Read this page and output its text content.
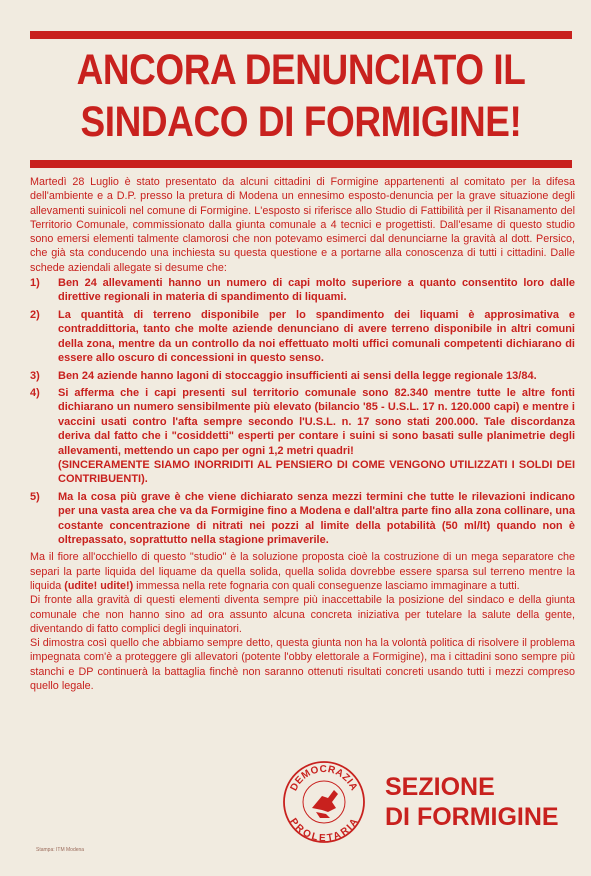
ANCORA DENUNCIATO IL
SINDACO DI FORMIGINE!

Martedì 28 Luglio è stato presentato da alcuni cittadini di Formigine appartenenti al comitato per la difesa dell'ambiente e a D.P. presso la pretura di Modena un ennesimo esposto-denuncia per la grave situazione degli allevamenti suinicoli nel comune di Formigine. L'esposto si riferisce allo Studio di Fattibilità per il Risanamento del Territorio Comunale, commissionato dalla giunta comunale a 4 tecnici e progettisti. Dall'esame di questo studio sono emersi elementi talmente clamorosi che non potevamo esimerci dal denunciarne la gravità al dott. Persico, che già sta conducendo una inchiesta su questa questione e a portarne alla conoscenza di tutti i cittadini. Dalle schede aziendali allegate si desume che:

1) Ben 24 allevamenti hanno un numero di capi molto superiore a quanto consentito loro dalle direttive regionali in materia di spandimento di liquami.
2) La quantità di terreno disponibile per lo spandimento dei liquami è approsimativa e contraddittoria, tanto che molte aziende denunciano di avere terreno disponibile in altri comuni della zona, mentre da un controllo da noi effettuato molti uffici comunali competenti dichiarano di essere allo oscuro di concessioni in questo senso.
3) Ben 24 aziende hanno lagoni di stoccaggio insufficienti ai sensi della legge regionale 13/84.
4) Si afferma che i capi presenti sul territorio comunale sono 82.340 mentre tutte le altre fonti dichiarano un numero sensibilmente più elevato (bilancio '85 - U.S.L. 17 n. 120.000 capi) e mentre i vaccini usati contro l'afta sempre secondo l'U.S.L. n. 17 sono stati 200.000. Tale discordanza deriva dal fatto che i "cosiddetti" esperti per contare i suini si sono basati sulle planimetrie degli allevamenti, mettendo un capo per ogni 1,2 metri quadri!
(SINCERAMENTE SIAMO INORRIDITI AL PENSIERO DI COME VENGONO UTILIZZATI I SOLDI DEI CONTRIBUENTI).
5) Ma la cosa più grave è che viene dichiarato senza mezzi termini che tutte le rilevazioni indicano per una vasta area che va da Formigine fino a Modena e dall'altra parte fino alla zona collinare, una costante concentrazione di nitrati nei pozzi al limite della potabilità (50 ml/lt) quando non è oltrepassato, soprattutto nella stagione primaverile.

Ma il fiore all'occhiello di questo "studio" è la soluzione proposta cioè la costruzione di un mega separatore che separi la parte liquida del liquame da quella solida, quella solida dovrebbe essere sparsa sul terreno mentre la liquida (udite! udite!) immessa nella rete fognaria con quali conseguenze lasciamo immaginare a tutti.

Di fronte alla gravità di questi elementi diventa sempre più inaccettabile la posizione del sindaco e della giunta comunale che non hanno sino ad ora assunto alcuna concreta iniziativa per tutelare la salute della gente, diventando di fatto complici degli inquinatori.

Si dimostra così quello che abbiamo sempre detto, questa giunta non ha la volontà politica di risolvere il problema impegnata com'è a proteggere gli allevatori (potente l'obby elettorale a Formigine), ma i cittadini sono sempre più stanchi e DP continuerà la battaglia finchè non saranno ottenuti risultati concreti usando tutti i mezzi compreso quello legale.

DEMOCRAZIA
PROLETARIA
SEZIONE
DI FORMIGINE
Stampa: ITM Modena
